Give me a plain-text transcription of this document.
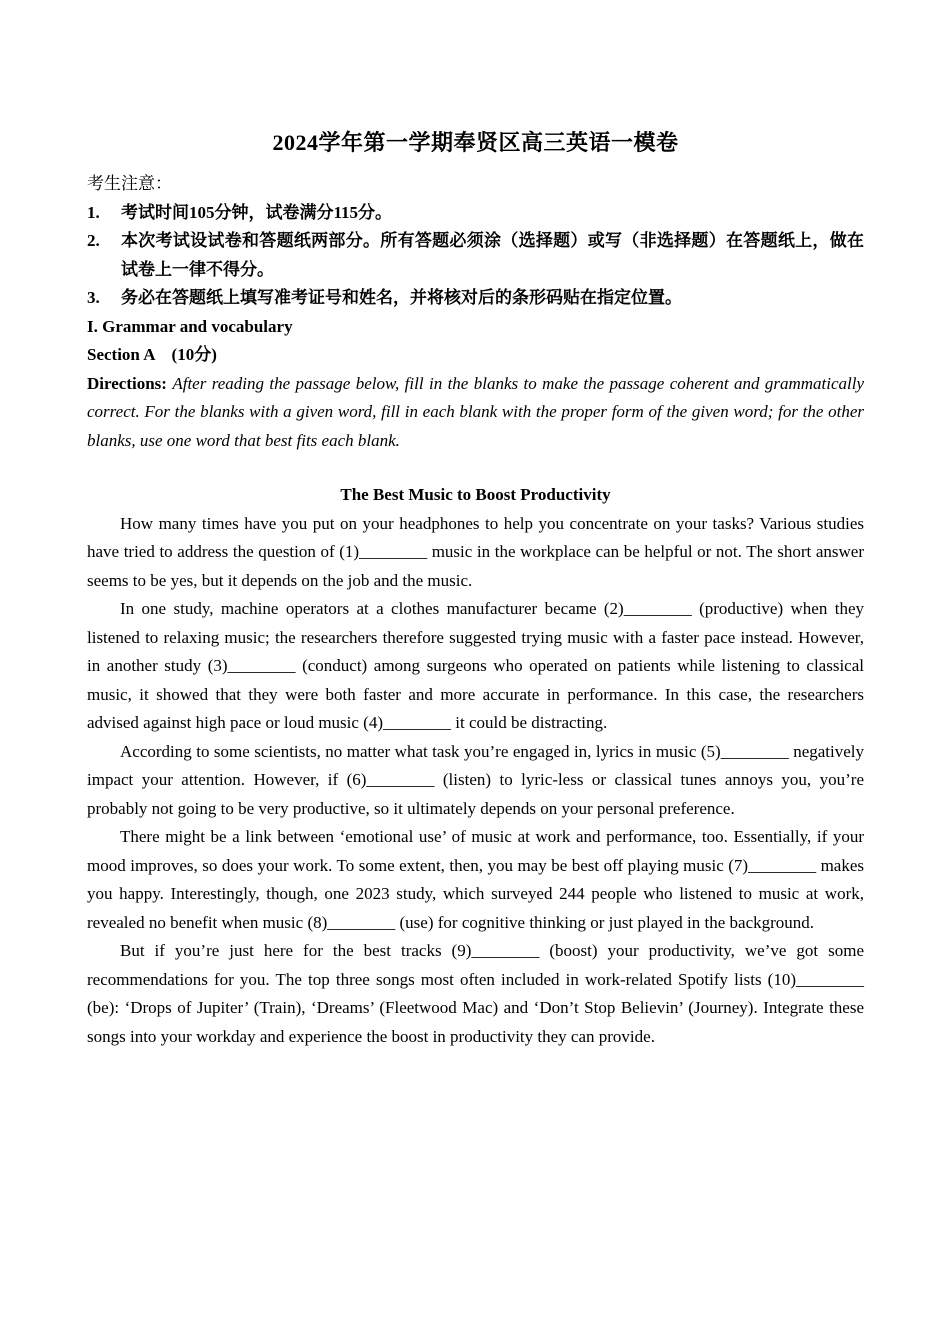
2024学年第一学期奉贤区高三英语一模卷
考生注意：
1.	考试时间105分钟，试卷满分115分。
2.	本次考试设试卷和答题纸两部分。所有答题必须涂（选择题）或写（非选择题）在答题纸上，做在试卷上一律不得分。
3.	务必在答题纸上填写准考证号和姓名，并将核对后的条形码贴在指定位置。
I. Grammar and vocabulary
Section A　(10分)
Directions: After reading the passage below, fill in the blanks to make the passage coherent and grammatically correct. For the blanks with a given word, fill in each blank with the proper form of the given word; for the other blanks, use one word that best fits each blank.
The Best Music to Boost Productivity

How many times have you put on your headphones to help you concentrate on your tasks? Various studies have tried to address the question of (1)________ music in the workplace can be helpful or not. The short answer seems to be yes, but it depends on the job and the music.

In one study, machine operators at a clothes manufacturer became (2)________ (productive) when they listened to relaxing music; the researchers therefore suggested trying music with a faster pace instead. However, in another study (3)________ (conduct) among surgeons who operated on patients while listening to classical music, it showed that they were both faster and more accurate in performance. In this case, the researchers advised against high pace or loud music (4)________ it could be distracting.

According to some scientists, no matter what task you’re engaged in, lyrics in music (5)________ negatively impact your attention. However, if (6)________ (listen) to lyric-less or classical tunes annoys you, you’re probably not going to be very productive, so it ultimately depends on your personal preference.

There might be a link between ‘emotional use’ of music at work and performance, too. Essentially, if your mood improves, so does your work. To some extent, then, you may be best off playing music (7)________ makes you happy. Interestingly, though, one 2023 study, which surveyed 244 people who listened to music at work, revealed no benefit when music (8)________ (use) for cognitive thinking or just played in the background.

But if you’re just here for the best tracks (9)________ (boost) your productivity, we’ve got some recommendations for you. The top three songs most often included in work-related Spotify lists (10)________ (be): ‘Drops of Jupiter’ (Train), ‘Dreams’ (Fleetwood Mac) and ‘Don’t Stop Believin’ (Journey). Integrate these songs into your workday and experience the boost in productivity they can provide.
